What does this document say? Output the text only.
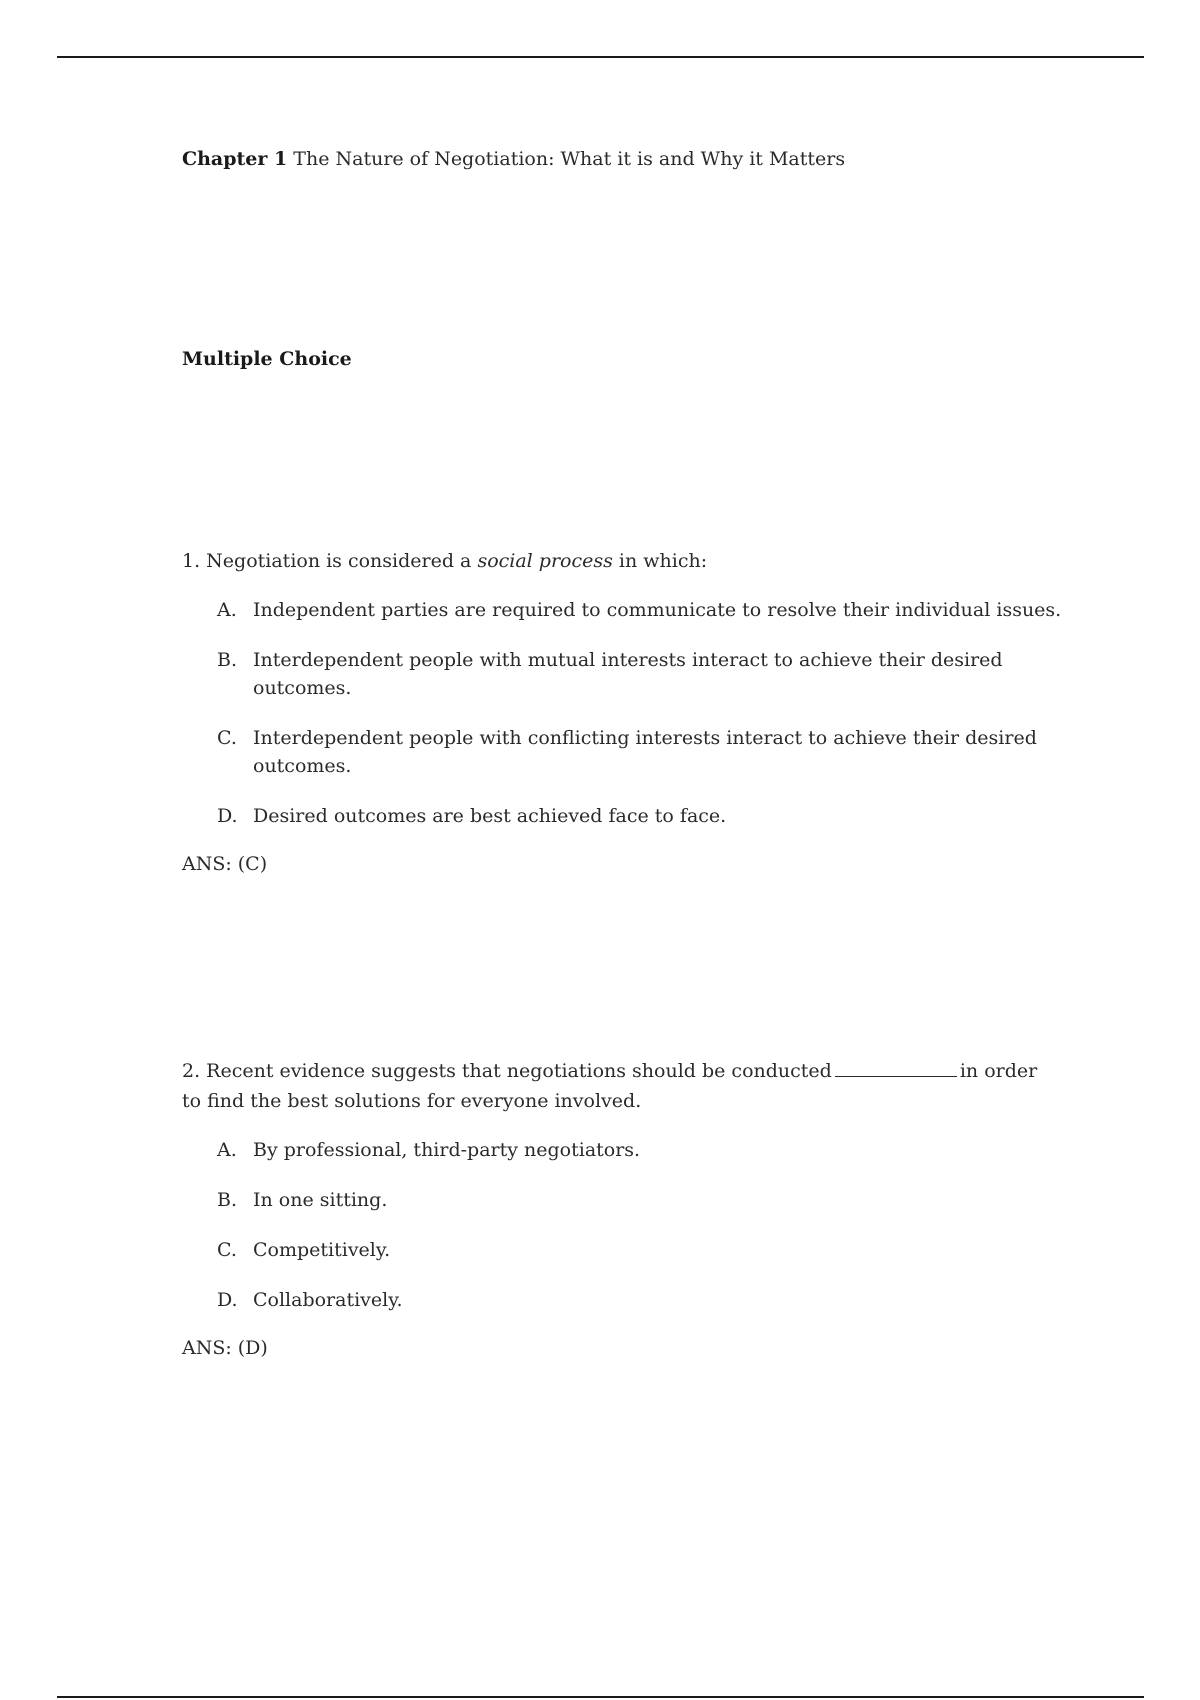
Chapter 1 The Nature of Negotiation: What it is and Why it Matters
Multiple Choice

1. Negotiation is considered a social process in which:

A. Independent parties are required to communicate to resolve their individual issues.
B. Interdependent people with mutual interests interact to achieve their desired outcomes.
C. Interdependent people with conflicting interests interact to achieve their desired outcomes.
D. Desired outcomes are best achieved face to face.
ANS: (C)

2. Recent evidence suggests that negotiations should be conducted	in order to find the best solutions for everyone involved.

A. By professional, third-party negotiators.
B. In one sitting.
C. Competitively.
D. Collaboratively.
ANS: (D)
